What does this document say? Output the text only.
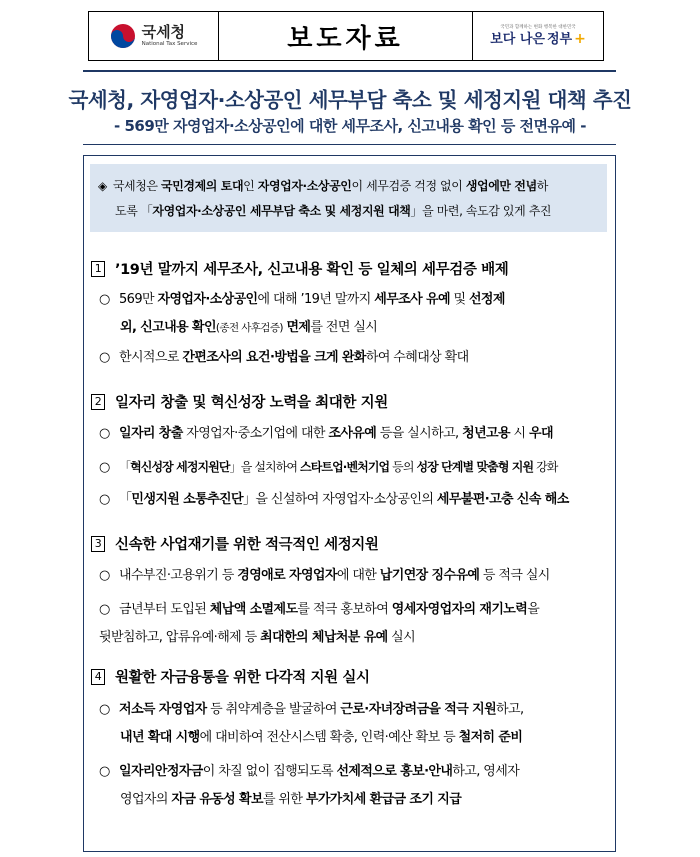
국세청
National Tax Service	보도자료	국민과 함께하는 변화 행복한 대한민국
보다 나은 정부 +
국세청, 자영업자·소상공인 세무부담 축소 및 세정지원 대책 추진
- 569만 자영업자·소상공인에 대한 세무조사, 신고내용 확인 등 전면유예 -
◈ 국세청은 국민경제의 토대인 자영업자·소상공인이 세무검증 걱정 없이 생업에만 전념하
도록 「자영업자·소상공인 세무부담 축소 및 세정지원 대책」을 마련, 속도감 있게 추진
1 ’19년 말까지 세무조사, 신고내용 확인 등 일체의 세무검증 배제
○ 569만 자영업자·소상공인에 대해 ’19년 말까지 세무조사 유예 및 선정제
외, 신고내용 확인(종전 사후검증) 면제를 전면 실시
○ 한시적으로 간편조사의 요건·방법을 크게 완화하여 수혜대상 확대
2 일자리 창출 및 혁신성장 노력을 최대한 지원
○ 일자리 창출 자영업자·중소기업에 대한 조사유예 등을 실시하고, 청년고용 시 우대
○ 「혁신성장 세정지원단」을 설치하여 스타트업·벤처기업 등의 성장 단계별 맞춤형 지원 강화
○ 「민생지원 소통추진단」을 신설하여 자영업자·소상공인의 세무불편·고충 신속 해소
3 신속한 사업재기를 위한 적극적인 세정지원
○ 내수부진·고용위기 등 경영애로 자영업자에 대한 납기연장 징수유예 등 적극 실시
○ 금년부터 도입된 체납액 소멸제도를 적극 홍보하여 영세자영업자의 재기노력을
뒷받침하고, 압류유예·해제 등 최대한의 체납처분 유예 실시
4 원활한 자금융통을 위한 다각적 지원 실시
○ 저소득 자영업자 등 취약계층을 발굴하여 근로·자녀장려금을 적극 지원하고,
내년 확대 시행에 대비하여 전산시스템 확충, 인력·예산 확보 등 철저히 준비
○ 일자리안정자금이 차질 없이 집행되도록 선제적으로 홍보·안내하고, 영세자
영업자의 자금 유동성 확보를 위한 부가가치세 환급금 조기 지급
